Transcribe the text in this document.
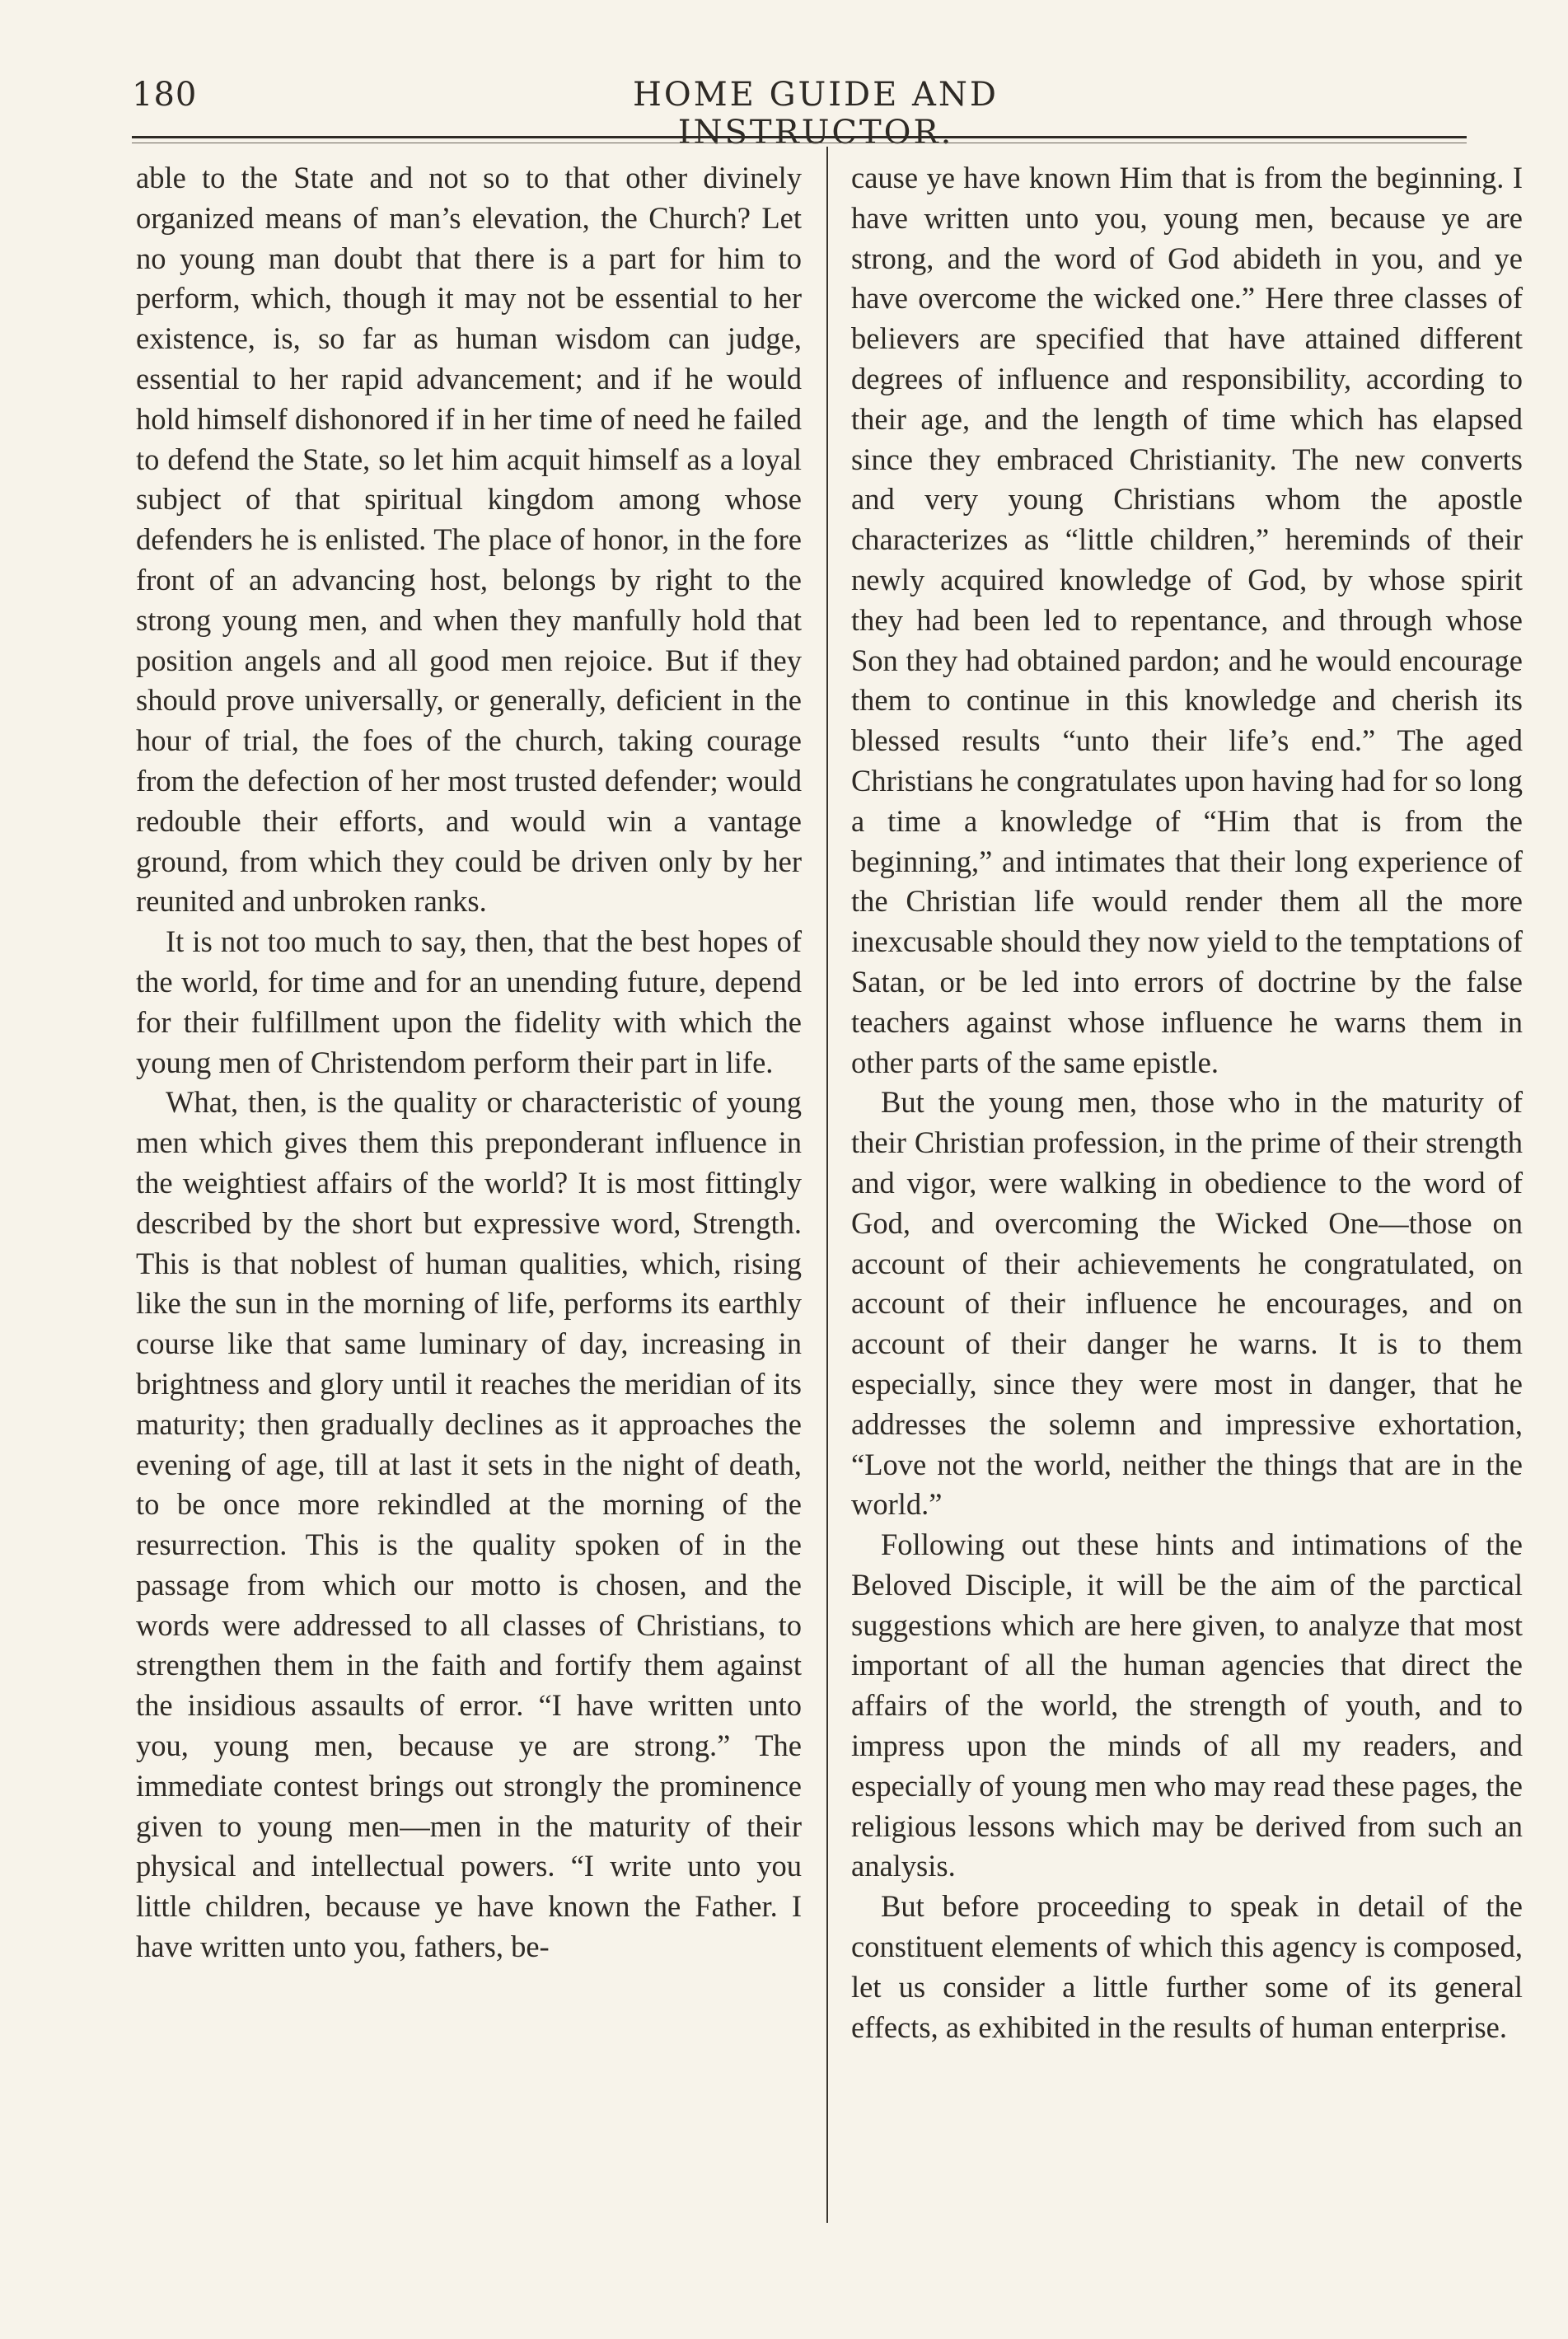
180	HOME GUIDE AND INSTRUCTOR.

able to the State and not so to that other divinely organized means of man’s elevation, the Church? Let no young man doubt that there is a part for him to perform, which, though it may not be essential to her existence, is, so far as human wisdom can judge, essential to her rapid advancement; and if he would hold himself dishonored if in her time of need he failed to defend the State, so let him acquit himself as a loyal subject of that spiritual kingdom among whose defenders he is enlisted. The place of honor, in the fore front of an advancing host, belongs by right to the strong young men, and when they manfully hold that position angels and all good men rejoice. But if they should prove universally, or generally, deficient in the hour of trial, the foes of the church, taking courage from the defection of her most trusted defender; would redouble their efforts, and would win a vantage ground, from which they could be driven only by her reunited and unbroken ranks.

It is not too much to say, then, that the best hopes of the world, for time and for an unending future, depend for their fulfillment upon the fidelity with which the young men of Christendom perform their part in life.

What, then, is the quality or characteristic of young men which gives them this preponderant influence in the weightiest affairs of the world? It is most fittingly described by the short but expressive word, Strength. This is that noblest of human qualities, which, rising like the sun in the morning of life, performs its earthly course like that same luminary of day, increasing in brightness and glory until it reaches the meridian of its maturity; then gradually declines as it approaches the evening of age, till at last it sets in the night of death, to be once more rekindled at the morning of the resurrection. This is the quality spoken of in the passage from which our motto is chosen, and the words were addressed to all classes of Christians, to strengthen them in the faith and fortify them against the insidious assaults of error. “I have written unto you, young men, because ye are strong.” The immediate contest brings out strongly the prominence given to young men—men in the maturity of their physical and intellectual powers. “I write unto you little children, because ye have known the Father. I have written unto you, fathers, be-

cause ye have known Him that is from the beginning. I have written unto you, young men, because ye are strong, and the word of God abideth in you, and ye have overcome the wicked one.” Here three classes of believers are specified that have attained different degrees of influence and responsibility, according to their age, and the length of time which has elapsed since they embraced Christianity. The new converts and very young Christians whom the apostle characterizes as “little children,” hereminds of their newly acquired knowledge of God, by whose spirit they had been led to repentance, and through whose Son they had obtained pardon; and he would encourage them to continue in this knowledge and cherish its blessed results “unto their life’s end.” The aged Christians he congratulates upon having had for so long a time a knowledge of “Him that is from the beginning,” and intimates that their long experience of the Christian life would render them all the more inexcusable should they now yield to the temptations of Satan, or be led into errors of doctrine by the false teachers against whose influence he warns them in other parts of the same epistle.

But the young men, those who in the maturity of their Christian profession, in the prime of their strength and vigor, were walking in obedience to the word of God, and overcoming the Wicked One—those on account of their achievements he congratulated, on account of their influence he encourages, and on account of their danger he warns. It is to them especially, since they were most in danger, that he addresses the solemn and impressive exhortation, “Love not the world, neither the things that are in the world.”

Following out these hints and intimations of the Beloved Disciple, it will be the aim of the parctical suggestions which are here given, to analyze that most important of all the human agencies that direct the affairs of the world, the strength of youth, and to impress upon the minds of all my readers, and especially of young men who may read these pages, the religious lessons which may be derived from such an analysis.

But before proceeding to speak in detail of the constituent elements of which this agency is composed, let us consider a little further some of its general effects, as exhibited in the results of human enterprise.
